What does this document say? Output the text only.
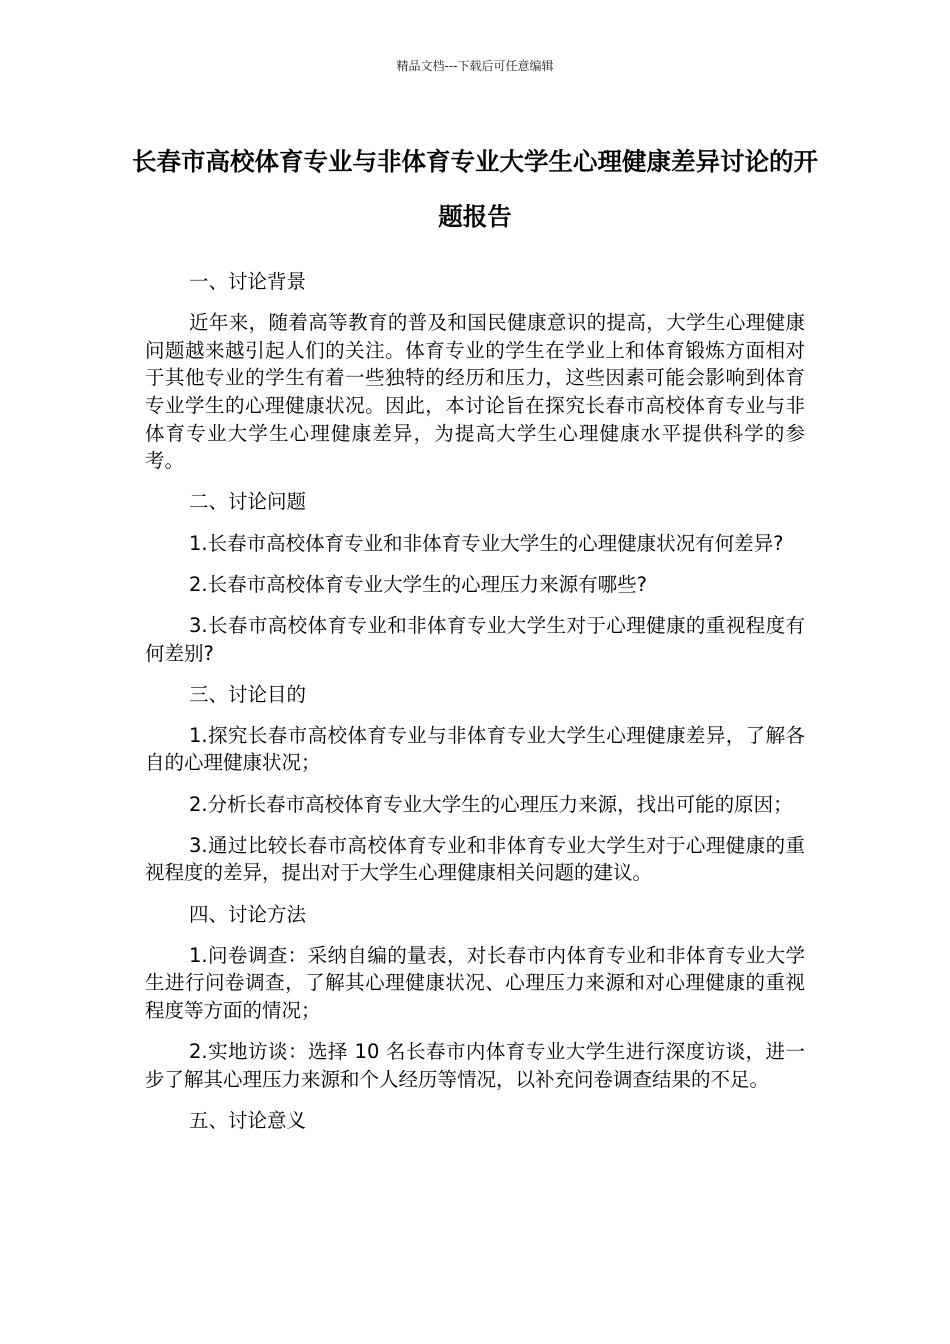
精品文档---下载后可任意编辑
长春市高校体育专业与非体育专业大学生心理健康差异讨论的开题报告

一、讨论背景

近年来，随着高等教育的普及和国民健康意识的提高，大学生心理健康问题越来越引起人们的关注。体育专业的学生在学业上和体育锻炼方面相对于其他专业的学生有着一些独特的经历和压力，这些因素可能会影响到体育专业学生的心理健康状况。因此，本讨论旨在探究长春市高校体育专业与非体育专业大学生心理健康差异，为提高大学生心理健康水平提供科学的参考。

二、讨论问题

1.长春市高校体育专业和非体育专业大学生的心理健康状况有何差异?

2.长春市高校体育专业大学生的心理压力来源有哪些?

3.长春市高校体育专业和非体育专业大学生对于心理健康的重视程度有何差别?

三、讨论目的

1.探究长春市高校体育专业与非体育专业大学生心理健康差异，了解各自的心理健康状况；

2.分析长春市高校体育专业大学生的心理压力来源，找出可能的原因；

3.通过比较长春市高校体育专业和非体育专业大学生对于心理健康的重视程度的差异，提出对于大学生心理健康相关问题的建议。

四、讨论方法

1.问卷调查：采纳自编的量表，对长春市内体育专业和非体育专业大学生进行问卷调查，了解其心理健康状况、心理压力来源和对心理健康的重视程度等方面的情况；

2.实地访谈：选择 10 名长春市内体育专业大学生进行深度访谈，进一步了解其心理压力来源和个人经历等情况，以补充问卷调查结果的不足。

五、讨论意义
